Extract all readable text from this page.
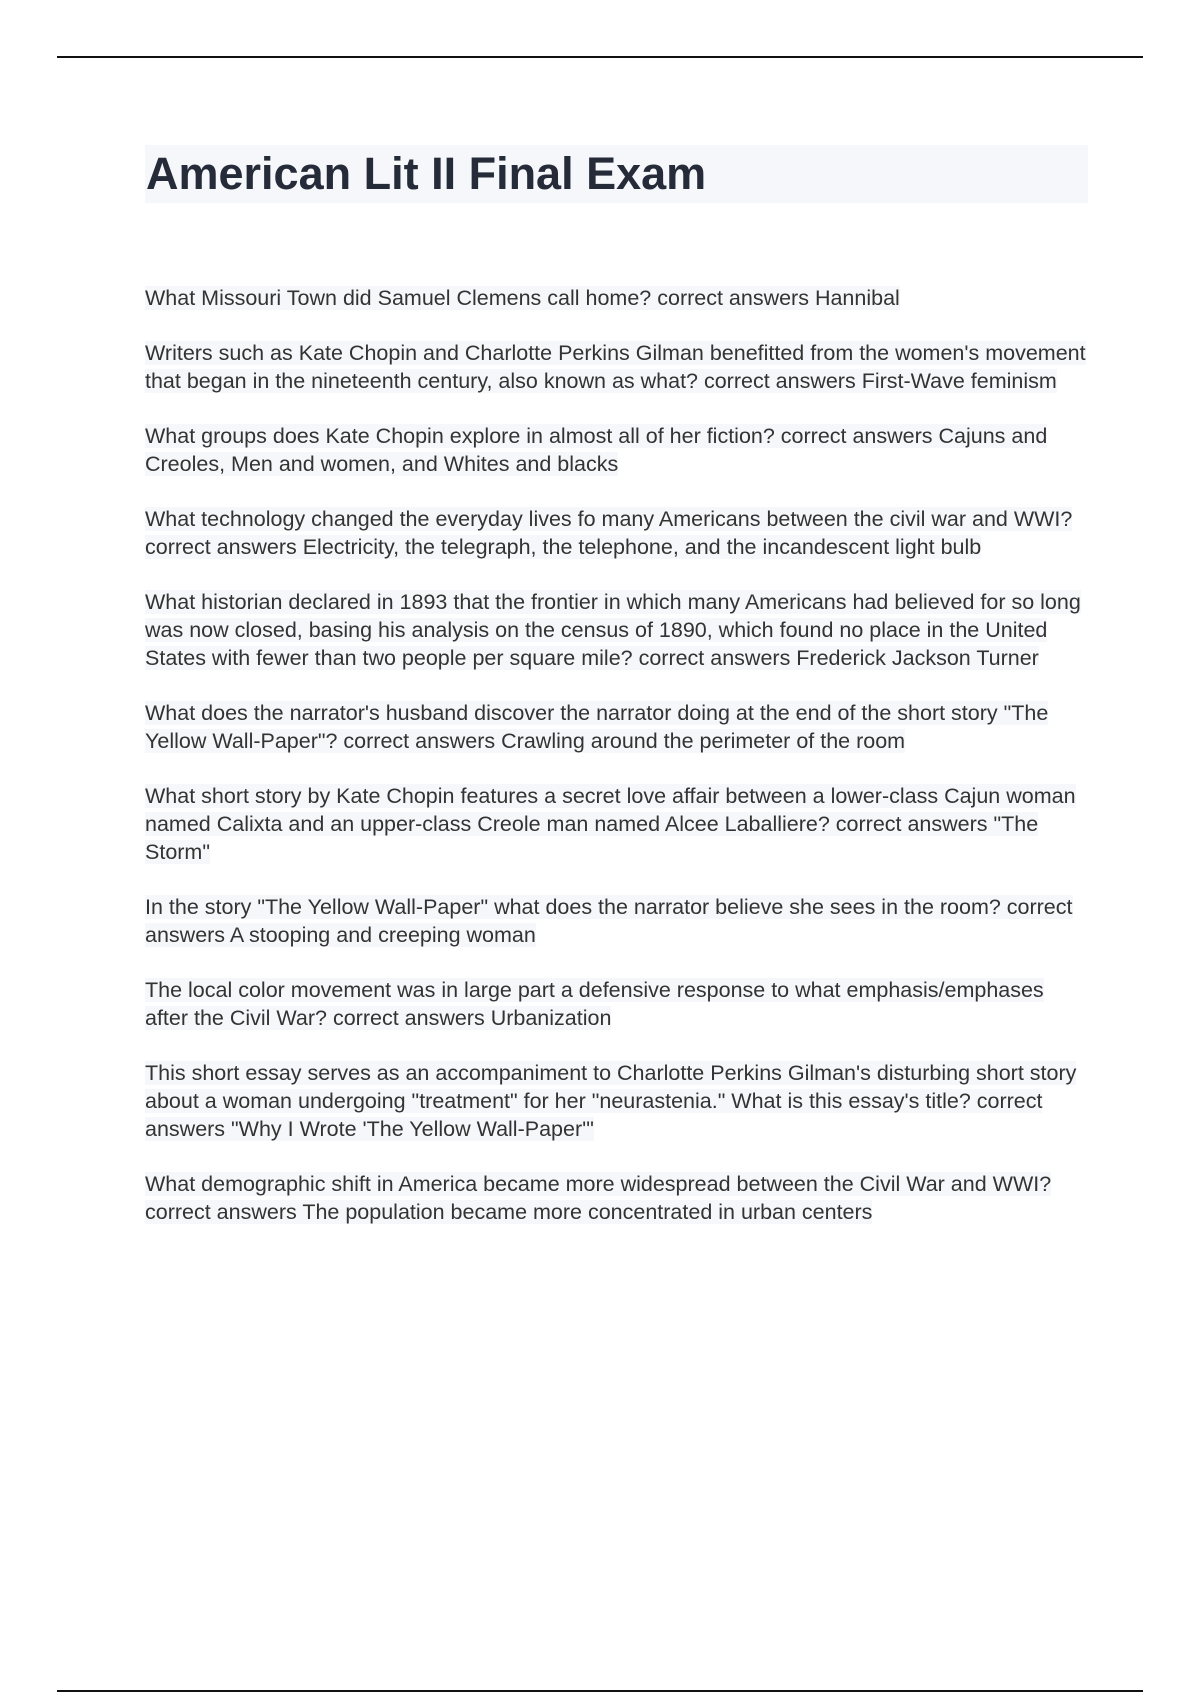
American Lit II Final Exam
What Missouri Town did Samuel Clemens call home? correct answers Hannibal
Writers such as Kate Chopin and Charlotte Perkins Gilman benefitted from the women's movement that began in the nineteenth century, also known as what? correct answers First-Wave feminism
What groups does Kate Chopin explore in almost all of her fiction? correct answers Cajuns and Creoles, Men and women, and Whites and blacks
What technology changed the everyday lives fo many Americans between the civil war and WWI? correct answers Electricity, the telegraph, the telephone, and the incandescent light bulb
What historian declared in 1893 that the frontier in which many Americans had believed for so long was now closed, basing his analysis on the census of 1890, which found no place in the United States with fewer than two people per square mile? correct answers Frederick Jackson Turner
What does the narrator's husband discover the narrator doing at the end of the short story "The Yellow Wall-Paper"? correct answers Crawling around the perimeter of the room
What short story by Kate Chopin features a secret love affair between a lower-class Cajun woman named Calixta and an upper-class Creole man named Alcee Laballiere? correct answers "The Storm"
In the story "The Yellow Wall-Paper" what does the narrator believe she sees in the room? correct answers A stooping and creeping woman
The local color movement was in large part a defensive response to what emphasis/emphases after the Civil War? correct answers Urbanization
This short essay serves as an accompaniment to Charlotte Perkins Gilman's disturbing short story about a woman undergoing "treatment" for her "neurastenia." What is this essay's title? correct answers "Why I Wrote 'The Yellow Wall-Paper'"
What demographic shift in America became more widespread between the Civil War and WWI? correct answers The population became more concentrated in urban centers
